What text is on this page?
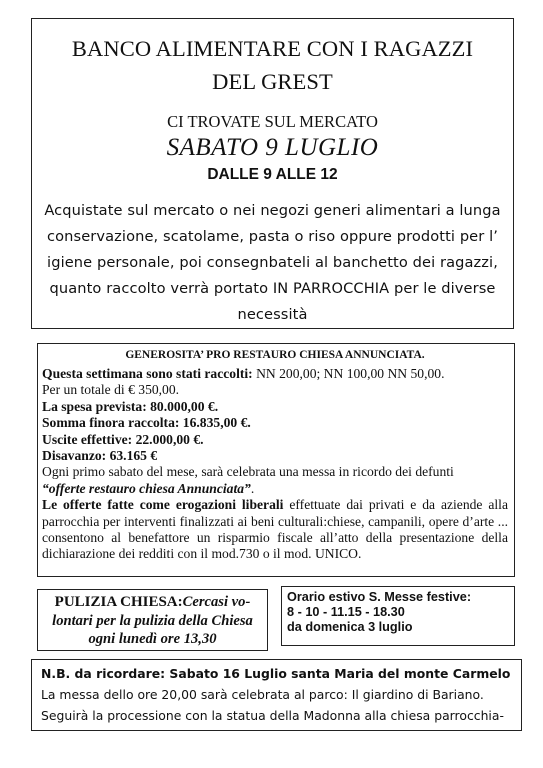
BANCO ALIMENTARE CON I RAGAZZI
DEL GREST
CI TROVATE SUL MERCATO
SABATO 9 LUGLIO
DALLE 9 ALLE 12
Acquistate sul mercato o nei negozi generi alimentari a lunga
conservazione, scatolame, pasta o riso oppure prodotti per l’
igiene personale, poi consegnbateli al banchetto dei ragazzi,
quanto raccolto verrà portato IN PARROCCHIA per le diverse
necessità
GENEROSITA’ PRO RESTAURO CHIESA ANNUNCIATA.
Questa settimana sono stati raccolti: NN 200,00; NN 100,00 NN 50,00.
Per un totale di € 350,00.
La spesa prevista: 80.000,00 €.
Somma finora raccolta: 16.835,00 €.
Uscite effettive: 22.000,00 €.
Disavanzo: 63.165 €
Ogni primo sabato del mese, sarà celebrata una messa in ricordo dei defunti
“offerte restauro chiesa Annunciata”.
Le offerte fatte come erogazioni liberali effettuate dai privati e da aziende alla parrocchia per interventi finalizzati ai beni culturali:chiese, campanili, opere d’arte ... consentono al benefattore un risparmio fiscale all’atto della presentazione della dichiarazione dei redditi con il mod.730 o il mod. UNICO.
PULIZIA CHIESA:Cercasi vo-
lontari per la pulizia della Chiesa
ogni lunedì ore 13,30
Orario estivo S. Messe festive:
8 - 10 - 11.15 - 18.30
da domenica 3 luglio
N.B. da ricordare: Sabato 16 Luglio santa Maria del monte Carmelo
La messa dello ore 20,00 sarà celebrata al parco: Il giardino di Bariano.
Seguirà la processione con la statua della Madonna alla chiesa parrocchia-
